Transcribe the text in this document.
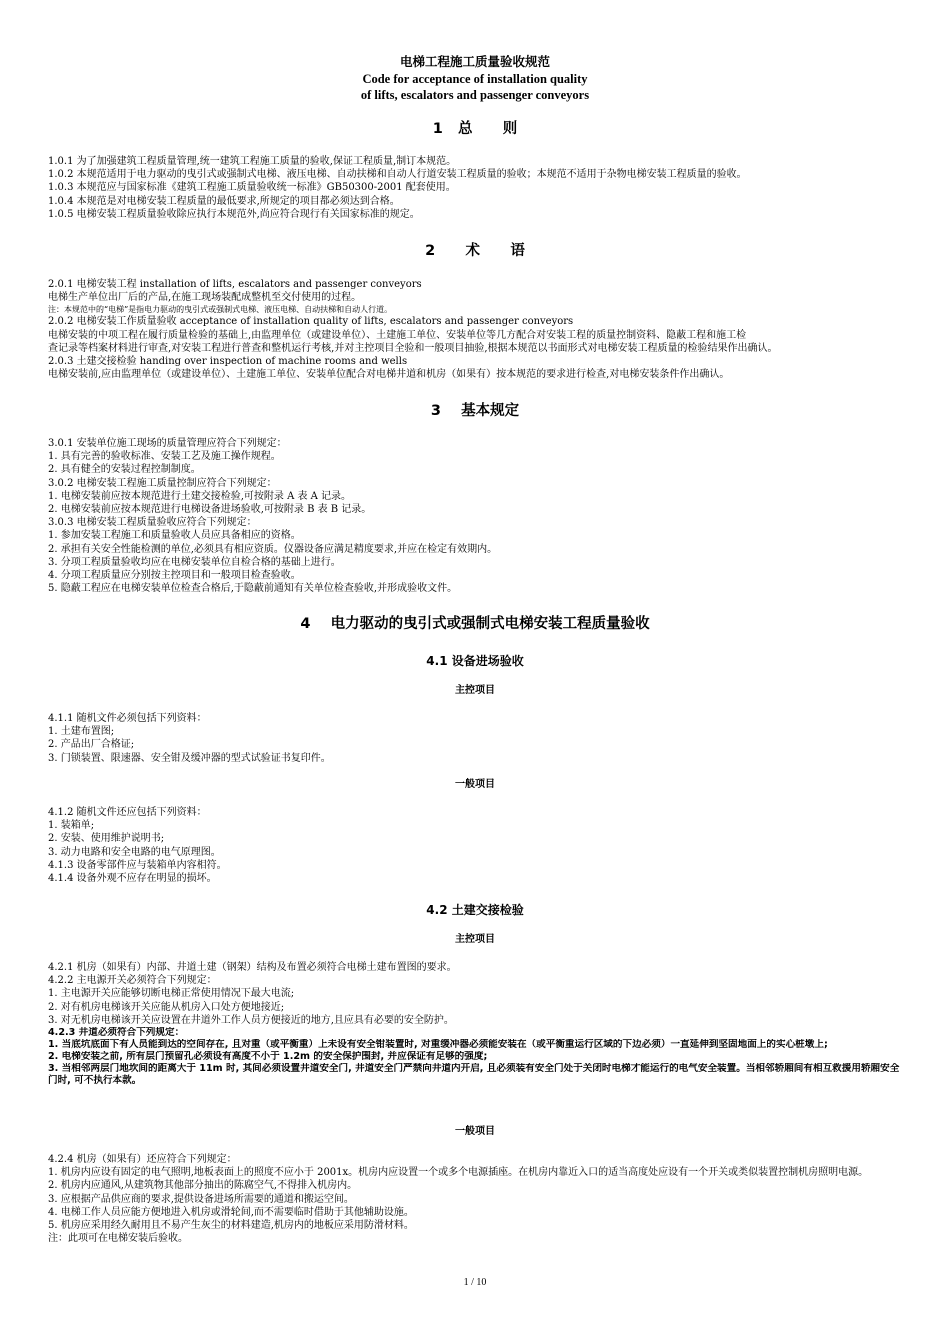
电梯工程施工质量验收规范
Code for acceptance of installation quality
of lifts, escalators and passenger conveyors
1   总      则
1.0.1 为了加强建筑工程质量管理,统一建筑工程施工质量的验收,保证工程质量,制订本规范。
1.0.2 本规范适用于电力驱动的曳引式或强制式电梯、液压电梯、自动扶梯和自动人行道安装工程质量的验收；本规范不适用于杂物电梯安装工程质量的验收。
1.0.3 本规范应与国家标准《建筑工程施工质量验收统一标准》GB50300-2001 配套使用。
1.0.4 本规范是对电梯安装工程质量的最低要求,所规定的项目都必须达到合格。
1.0.5 电梯安装工程质量验收除应执行本规范外,尚应符合现行有关国家标准的规定。
2      术      语
2.0.1 电梯安装工程 installation of lifts, escalators and passenger conveyors
电梯生产单位出厂后的产品,在施工现场装配成整机至交付使用的过程。
注：本规范中的“电梯”是指电力驱动的曳引式或强制式电梯、液压电梯、自动扶梯和自动人行道。
2.0.2 电梯安装工作质量验收 acceptance of installation quality of lifts, escalators and passenger conveyors
电梯安装的中项工程在履行质量检验的基础上,由监理单位（或建设单位）、土建施工单位、安装单位等几方配合对安装工程的质量控制资料、隐蔽工程和施工检
查记录等档案材料进行审查,对安装工程进行普查和整机运行考核,并对主控项目全验和一般项目抽验,根据本规范以书面形式对电梯安装工程质量的检验结果作出确认。
2.0.3 土建交接检验 handing over inspection of machine rooms and wells
电梯安装前,应由监理单位（或建设单位）、土建施工单位、安装单位配合对电梯井道和机房（如果有）按本规范的要求进行检查,对电梯安装条件作出确认。
3    基本规定
3.0.1 安装单位施工现场的质量管理应符合下列规定：
1. 具有完善的验收标准、安装工艺及施工操作规程。
2. 具有健全的安装过程控制制度。
3.0.2 电梯安装工程施工质量控制应符合下列规定：
1. 电梯安装前应按本规范进行土建交接检验,可按附录 A 表 A 记录。
2. 电梯安装前应按本规范进行电梯设备进场验收,可按附录 B 表 B 记录。
3.0.3 电梯安装工程质量验收应符合下列规定：
1. 参加安装工程施工和质量验收人员应具备相应的资格。
2. 承担有关安全性能检测的单位,必须具有相应资质。仪器设备应满足精度要求,并应在检定有效期内。
3. 分项工程质量验收均应在电梯安装单位自检合格的基础上进行。
4. 分项工程质量应分别按主控项目和一般项目检查验收。
5. 隐蔽工程应在电梯安装单位检查合格后,于隐蔽前通知有关单位检查验收,并形成验收文件。
4    电力驱动的曳引式或强制式电梯安装工程质量验收
4.1 设备进场验收
主控项目
4.1.1 随机文件必须包括下列资料：
1. 土建布置图;
2. 产品出厂合格证;
3. 门锁装置、限速器、安全钳及缓冲器的型式试验证书复印件。
一般项目
4.1.2 随机文件还应包括下列资料：
1. 装箱单;
2. 安装、使用维护说明书;
3. 动力电路和安全电路的电气原理图。
4.1.3 设备零部件应与装箱单内容相符。
4.1.4 设备外观不应存在明显的损坏。
4.2 土建交接检验
主控项目
4.2.1 机房（如果有）内部、井道土建（钢架）结构及布置必须符合电梯土建布置图的要求。
4.2.2 主电源开关必须符合下列规定：
1. 主电源开关应能够切断电梯正常使用情况下最大电流;
2. 对有机房电梯该开关应能从机房入口处方便地接近;
3. 对无机房电梯该开关应设置在井道外工作人员方便接近的地方,且应具有必要的安全防护。
4.2.3 井道必须符合下列规定：
1. 当底坑底面下有人员能到达的空间存在, 且对重（或平衡重）上未设有安全钳装置时, 对重缓冲器必须能安装在（或平衡重运行区域的下边必须）一直延伸到坚固地面上的实心桩墩上;
2. 电梯安装之前, 所有层门预留孔必须设有高度不小于 1.2m 的安全保护围封, 并应保证有足够的强度;
3. 当相邻两层门地坎间的距离大于 11m 时, 其间必须设置井道安全门, 井道安全门严禁向井道内开启, 且必须装有安全门处于关闭时电梯才能运行的电气安全装置。当相邻轿厢间有相互救援用轿厢安全门时, 可不执行本款。
一般项目
4.2.4 机房（如果有）还应符合下列规定：
1. 机房内应设有固定的电气照明,地板表面上的照度不应小于 2001x。机房内应设置一个或多个电源插座。在机房内靠近入口的适当高度处应设有一个开关或类似装置控制机房照明电源。
2. 机房内应通风,从建筑物其他部分抽出的陈腐空气,不得排入机房内。
3. 应根据产品供应商的要求,提供设备进场所需要的通道和搬运空间。
4. 电梯工作人员应能方便地进入机房或滑轮间,而不需要临时借助于其他辅助设施。
5. 机房应采用经久耐用且不易产生灰尘的材料建造,机房内的地板应采用防滑材料。
注：此项可在电梯安装后验收。
1 / 10
